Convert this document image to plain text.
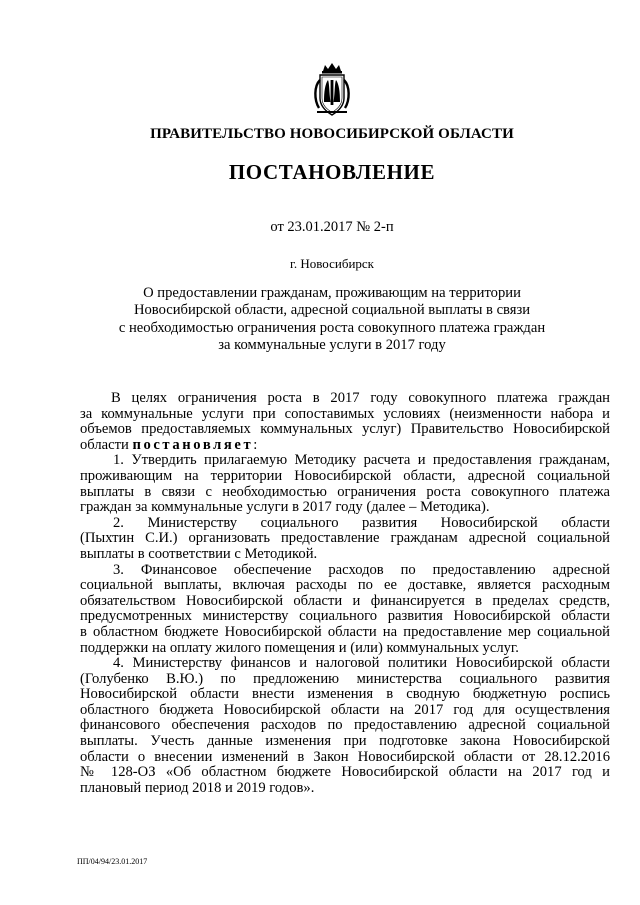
ПРАВИТЕЛЬСТВО НОВОСИБИРСКОЙ ОБЛАСТИ
ПОСТАНОВЛЕНИЕ
от 23.01.2017 № 2-п
г. Новосибирск
О предоставлении гражданам, проживающим на территории
Новосибирской области, адресной социальной выплаты в связи
с необходимостью ограничения роста совокупного платежа граждан
за коммунальные услуги в 2017 году
В целях ограничения роста в 2017 году совокупного платежа граждан
за коммунальные услуги при сопоставимых условиях (неизменности набора и
объемов предоставляемых коммунальных услуг) Правительство Новосибирской
области постановляет:
1. Утвердить прилагаемую Методику расчета и предоставления гражданам,
проживающим на территории Новосибирской области, адресной социальной
выплаты в связи с необходимостью ограничения роста совокупного платежа
граждан за коммунальные услуги в 2017 году (далее – Методика).
2. Министерству социального развития Новосибирской области
(Пыхтин С.И.) организовать предоставление гражданам адресной социальной
выплаты в соответствии с Методикой.
3. Финансовое обеспечение расходов по предоставлению адресной
социальной выплаты, включая расходы по ее доставке, является расходным
обязательством Новосибирской области и финансируется в пределах средств,
предусмотренных министерству социального развития Новосибирской области
в областном бюджете Новосибирской области на предоставление мер социальной
поддержки на оплату жилого помещения и (или) коммунальных услуг.
4. Министерству финансов и налоговой политики Новосибирской области
(Голубенко В.Ю.) по предложению министерства социального развития
Новосибирской области внести изменения в сводную бюджетную роспись
областного бюджета Новосибирской области на 2017 год для осуществления
финансового обеспечения расходов по предоставлению адресной социальной
выплаты. Учесть данные изменения при подготовке закона Новосибирской
области о внесении изменений в Закон Новосибирской области от 28.12.2016
№ 128-ОЗ «Об областном бюджете Новосибирской области на 2017 год и
плановый период 2018 и 2019 годов».
ПП/04/94/23.01.2017
